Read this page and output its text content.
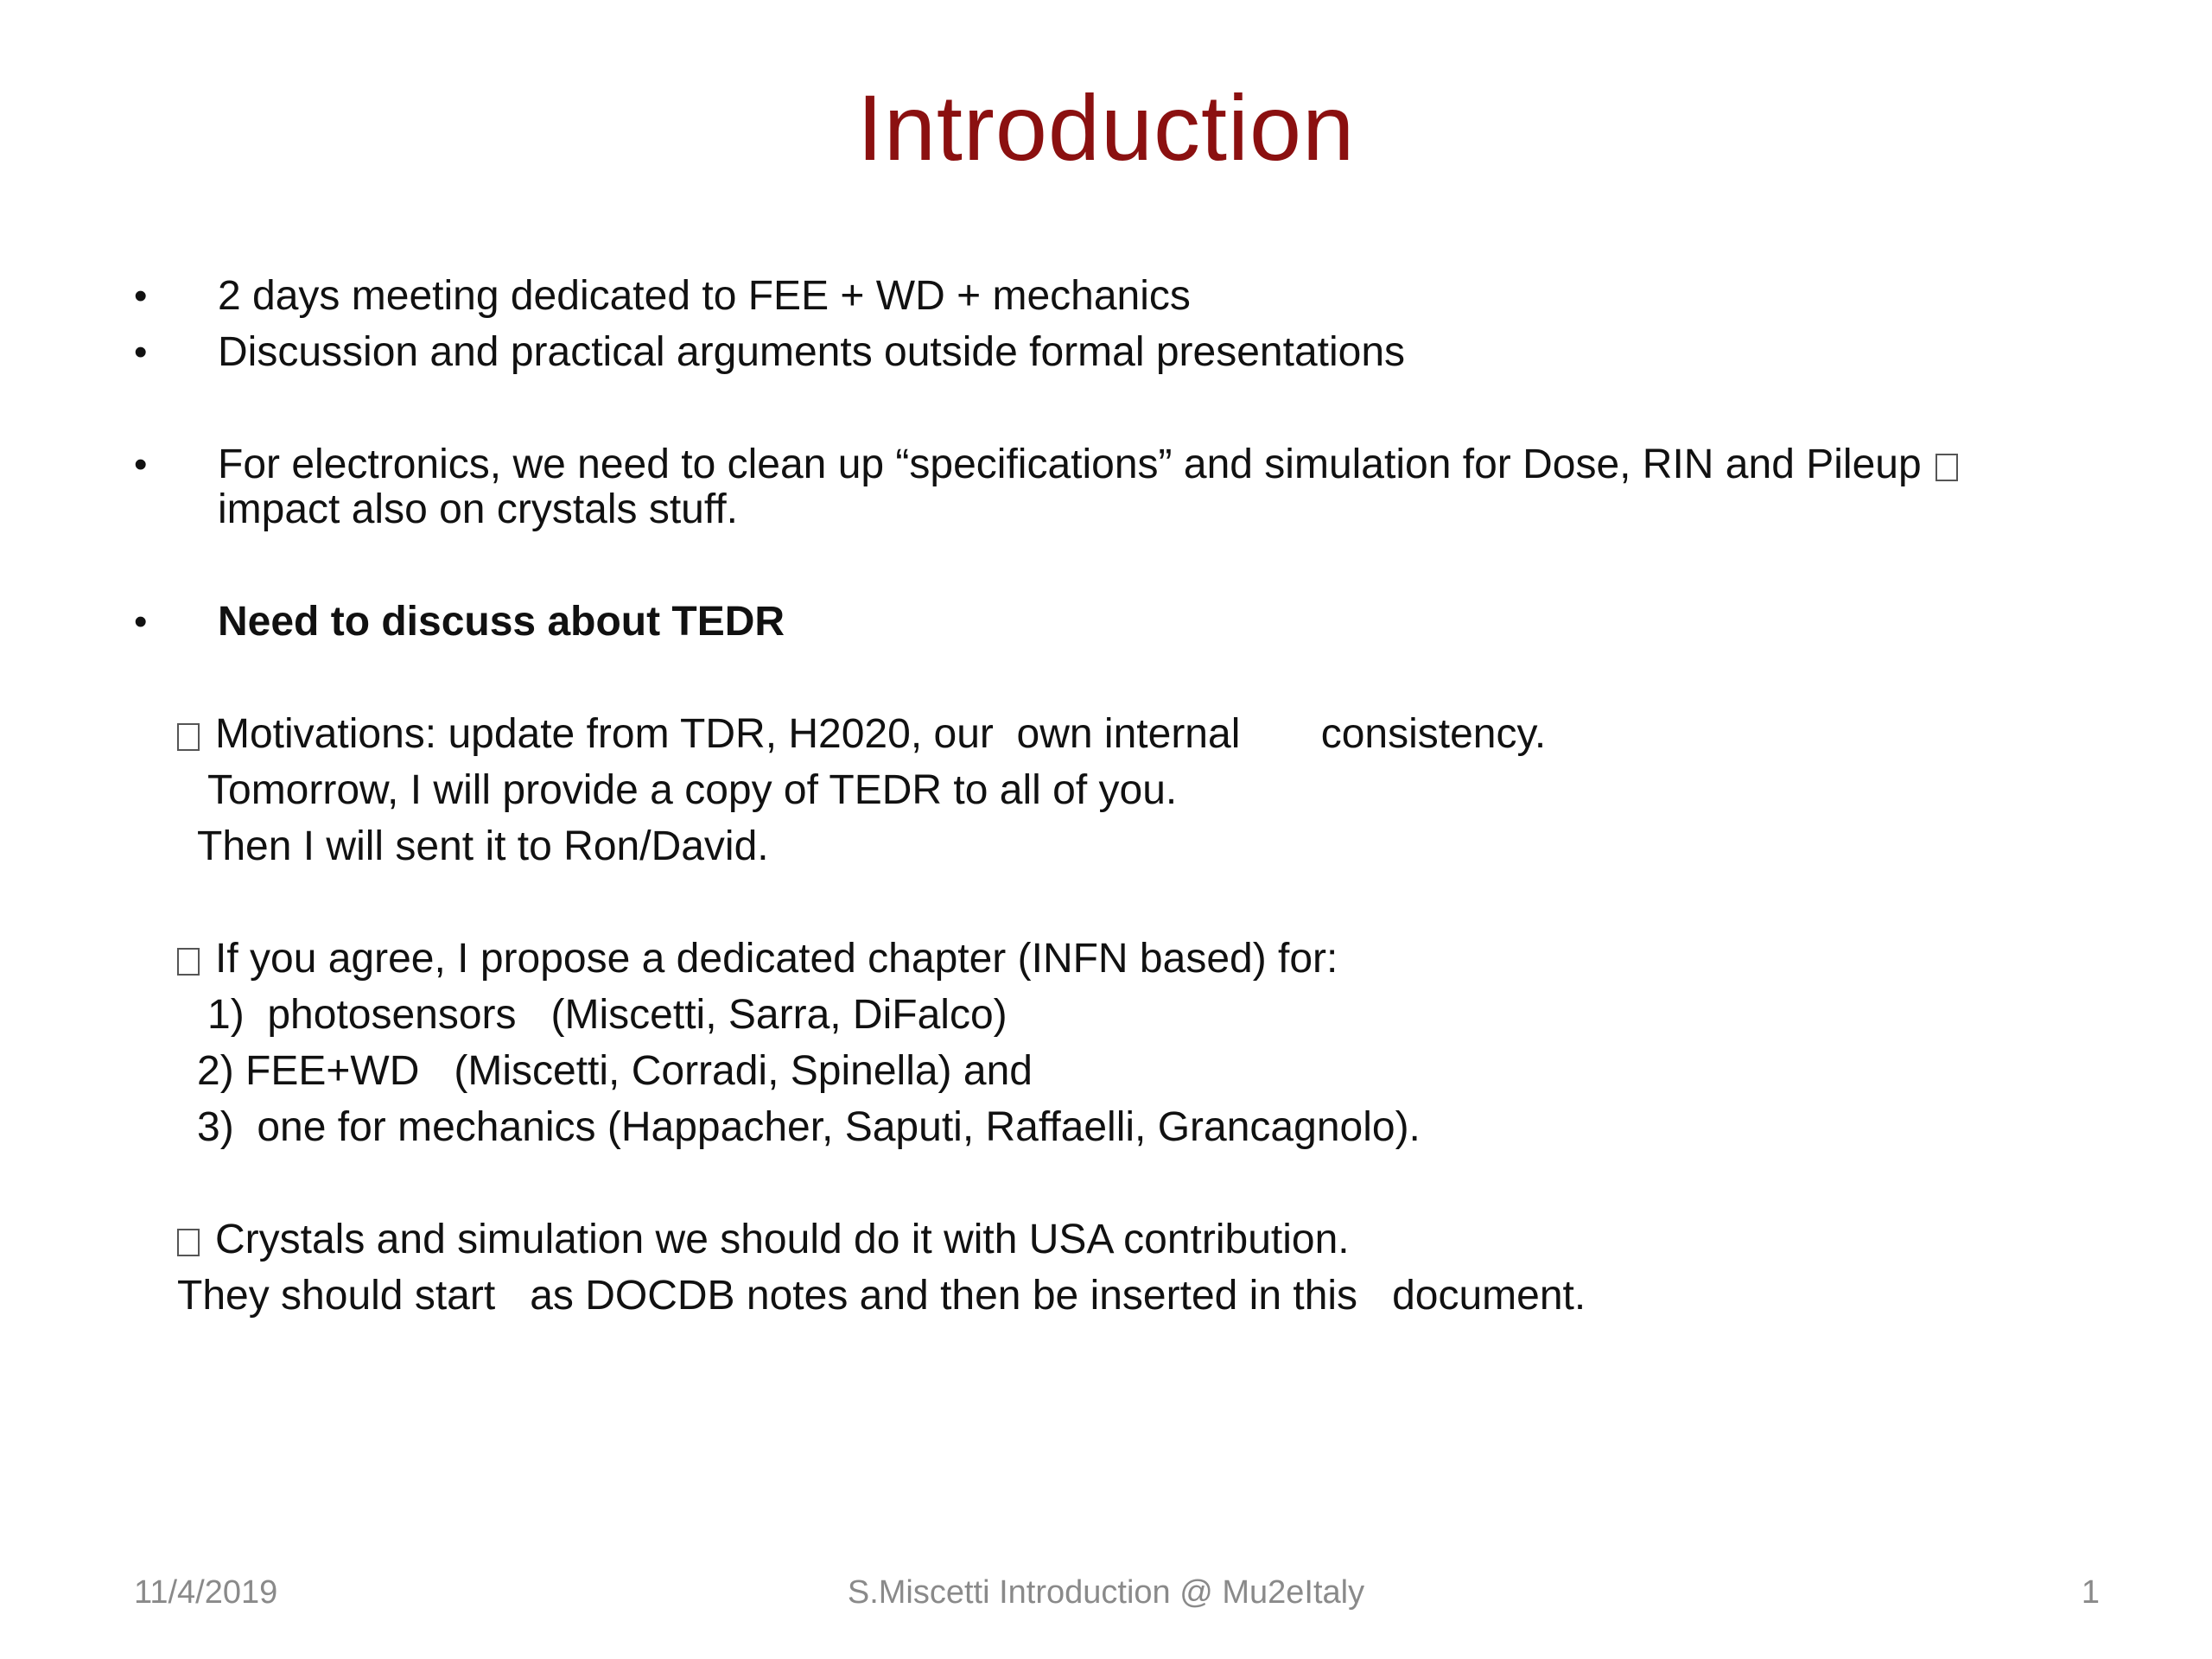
Introduction
• 2 days meeting dedicated to FEE + WD + mechanics
• Discussion and practical arguments outside formal presentations
• For electronics, we need to clean up “specifications” and simulation for Dose, RIN and Pileup
impact also on crystals stuff.
• Need to discuss about TEDR
Motivations: update from TDR, H2020, our  own internal       consistency.
Tomorrow, I will provide a copy of TEDR to all of you.
Then I will sent it to Ron/David.
If you agree, I propose a dedicated chapter (INFN based) for:
1)  photosensors   (Miscetti, Sarra, DiFalco)
2) FEE+WD   (Miscetti, Corradi, Spinella) and
3)  one for mechanics (Happacher, Saputi, Raffaelli, Grancagnolo).
Crystals and simulation we should do it with USA contribution.
They should start   as DOCDB notes and then be inserted in this   document.
11/4/2019	S.Miscetti Introduction @ Mu2eItaly	1
